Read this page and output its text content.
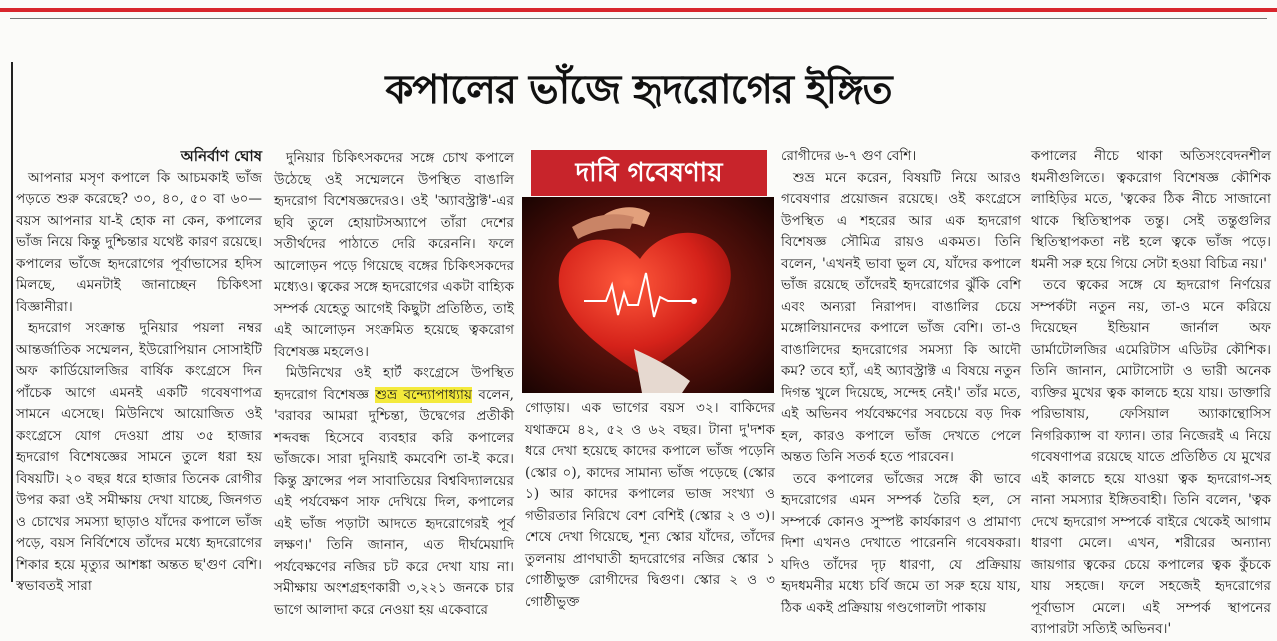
কপালের ভাঁজে হৃদরোগের ইঙ্গিত

অনির্বাণ ঘোষ

আপনার মসৃণ কপালে কি আচমকাই ভাঁজ পড়তে শুরু করেছে? ৩০, ৪০, ৫০ বা ৬০—বয়স আপনার যা-ই হোক না কেন, কপালের ভাঁজ নিয়ে কিন্তু দুশ্চিন্তার যথেষ্ট কারণ রয়েছে। কপালের ভাঁজে হৃদরোগের পূর্বাভাসের হদিস মিলছে, এমনটাই জানাচ্ছেন চিকিৎসা বিজ্ঞানীরা।

হৃদরোগ সংক্রান্ত দুনিয়ার পয়লা নম্বর আন্তর্জাতিক সম্মেলন, ইউরোপিয়ান সোসাইটি অফ কার্ডিয়োলজির বার্ষিক কংগ্রেসে দিন পাঁচেক আগে এমনই একটি গবেষণাপত্র সামনে এসেছে। মিউনিখে আয়োজিত ওই কংগ্রেসে যোগ দেওয়া প্রায় ৩৫ হাজার হৃদরোগ বিশেষজ্ঞের সামনে তুলে ধরা হয় বিষয়টি। ২০ বছর ধরে হাজার তিনেক রোগীর উপর করা ওই সমীক্ষায় দেখা যাচ্ছে, জিনগত ও চোখের সমস্যা ছাড়াও যাঁদের কপালে ভাঁজ পড়ে, বয়স নির্বিশেষে তাঁদের মধ্যে হৃদরোগের শিকার হয়ে মৃত্যুর আশঙ্কা অন্তত ছ'গুণ বেশি। স্বভাবতই সারা

দুনিয়ার চিকিৎসকদের সঙ্গে চোখ কপালে উঠেছে ওই সম্মেলনে উপস্থিত বাঙালি হৃদরোগ বিশেষজ্ঞদেরও। ওই 'অ্যাবস্ট্রাক্ট'-এর ছবি তুলে হোয়াটসঅ্যাপে তাঁরা দেশের সতীর্থদের পাঠাতে দেরি করেননি। ফলে আলোড়ন পড়ে গিয়েছে বঙ্গের চিকিৎসকদের মধ্যেও। ত্বকের সঙ্গে হৃদরোগের একটা বাহ্যিক সম্পর্ক যেহেতু আগেই কিছুটা প্রতিষ্ঠিত, তাই এই আলোড়ন সংক্রমিত হয়েছে ত্বকরোগ বিশেষজ্ঞ মহলেও।

মিউনিখের ওই হার্ট কংগ্রেসে উপস্থিত হৃদরোগ বিশেষজ্ঞ শুভ্র বন্দ্যোপাধ্যায় বলেন, 'বরাবর আমরা দুশ্চিন্তা, উদ্বেগের প্রতীকী শব্দবন্ধ হিসেবে ব্যবহার করি কপালের ভাঁজকে। সারা দুনিয়াই কমবেশি তা-ই করে। কিন্তু ফ্রান্সের পল সাবাতিয়ের বিশ্ববিদ্যালয়ের এই পর্যবেক্ষণ সাফ দেখিয়ে দিল, কপালের এই ভাঁজ পড়াটা আদতে হৃদরোগেরই পূর্ব লক্ষণ।' তিনি জানান, এত দীর্ঘমেয়াদি পর্যবেক্ষণের নজির চট করে দেখা যায় না। সমীক্ষায় অংশগ্রহণকারী ৩,২২১ জনকে চার ভাগে আলাদা করে নেওয়া হয় একেবারে

দাবি গবেষণায়

গোড়ায়। এক ভাগের বয়স ৩২। বাকিদের যথাক্রমে ৪২, ৫২ ও ৬২ বছর। টানা দু'দশক ধরে দেখা হয়েছে কাদের কপালে ভাঁজ পড়েনি (স্কোর ০), কাদের সামান্য ভাঁজ পড়েছে (স্কোর ১) আর কাদের কপালের ভাজ সংখ্যা ও গভীরতার নিরিখে বেশ বেশিই (স্কোর ২ ও ৩)। শেষে দেখা গিয়েছে, শূন্য স্কোর যাঁদের, তাঁদের তুলনায় প্রাণঘাতী হৃদরোগের নজির স্কোর ১ গোষ্ঠীভুক্ত রোগীদের দ্বিগুণ। স্কোর ২ ও ৩ গোষ্ঠীভুক্ত

রোগীদের ৬-৭ গুণ বেশি।

শুভ্র মনে করেন, বিষয়টি নিয়ে আরও গবেষণার প্রয়োজন রয়েছে। ওই কংগ্রেসে উপস্থিত এ শহরের আর এক হৃদরোগ বিশেষজ্ঞ সৌমিত্র রায়ও একমত। তিনি বলেন, 'এখনই ভাবা ভুল যে, যাঁদের কপালে ভাঁজ রয়েছে তাঁদেরই হৃদরোগের ঝুঁকি বেশি এবং অন্যরা নিরাপদ। বাঙালির চেয়ে মঙ্গোলিয়ানদের কপালে ভাঁজ বেশি। তা-ও বাঙালিদের হৃদরোগের সমস্যা কি আদৌ কম? তবে হ্যাঁ, এই অ্যাবস্ট্রাক্ট এ বিষয়ে নতুন দিগন্ত খুলে দিয়েছে, সন্দেহ নেই।' তাঁর মতে, এই অভিনব পর্যবেক্ষণের সবচেয়ে বড় দিক হল, কারও কপালে ভাঁজ দেখতে পেলে অন্তত তিনি সতর্ক হতে পারবেন।

তবে কপালের ভাঁজের সঙ্গে কী ভাবে হৃদরোগের এমন সম্পর্ক তৈরি হল, সে সম্পর্কে কোনও সুস্পষ্ট কার্যকারণ ও প্রামাণ্য দিশা এখনও দেখাতে পারেননি গবেষকরা। যদিও তাঁদের দৃঢ় ধারণা, যে প্রক্রিয়ায় হৃদধমনীর মধ্যে চর্বি জমে তা সরু হয়ে যায়, ঠিক একই প্রক্রিয়ায় গণ্ডগোলটা পাকায়

কপালের নীচে থাকা অতিসংবেদনশীল ধমনীগুলিতে। ত্বকরোগ বিশেষজ্ঞ কৌশিক লাহিড়ির মতে, 'ত্বকের ঠিক নীচে সাজানো থাকে স্থিতিস্থাপক তন্তু। সেই তন্তুগুলির স্থিতিস্থাপকতা নষ্ট হলে ত্বকে ভাঁজ পড়ে। ধমনী সরু হয়ে গিয়ে সেটা হওয়া বিচিত্র নয়।'

তবে ত্বকের সঙ্গে যে হৃদরোগ নির্ণয়ের সম্পর্কটা নতুন নয়, তা-ও মনে করিয়ে দিয়েছেন ইন্ডিয়ান জার্নাল অফ ডার্মাটোলজির এমেরিটাস এডিটর কৌশিক। তিনি জানান, মোটাসোটা ও ভারী অনেক ব্যক্তির মুখের ত্বক কালচে হয়ে যায়। ডাক্তারি পরিভাষায়, ফেসিয়াল অ্যাকান্থোসিস নিগরিক্যান্স বা ফ্যান। তার নিজেরই এ নিয়ে গবেষণাপত্র রয়েছে যাতে প্রতিষ্ঠিত যে মুখের এই কালচে হয়ে যাওয়া ত্বক হৃদরোগ-সহ নানা সমস্যার ইঙ্গিতবাহী। তিনি বলেন, 'ত্বক দেখে হৃদরোগ সম্পর্কে বাইরে থেকেই আগাম ধারণা মেলে। এখন, শরীরের অন্যান্য জায়গার ত্বকের চেয়ে কপালের ত্বক কুঁচকে যায় সহজে। ফলে সহজেই হৃদরোগের পূর্বাভাস মেলে। এই সম্পর্ক স্থাপনের ব্যাপারটা সত্যিই অভিনব।'
